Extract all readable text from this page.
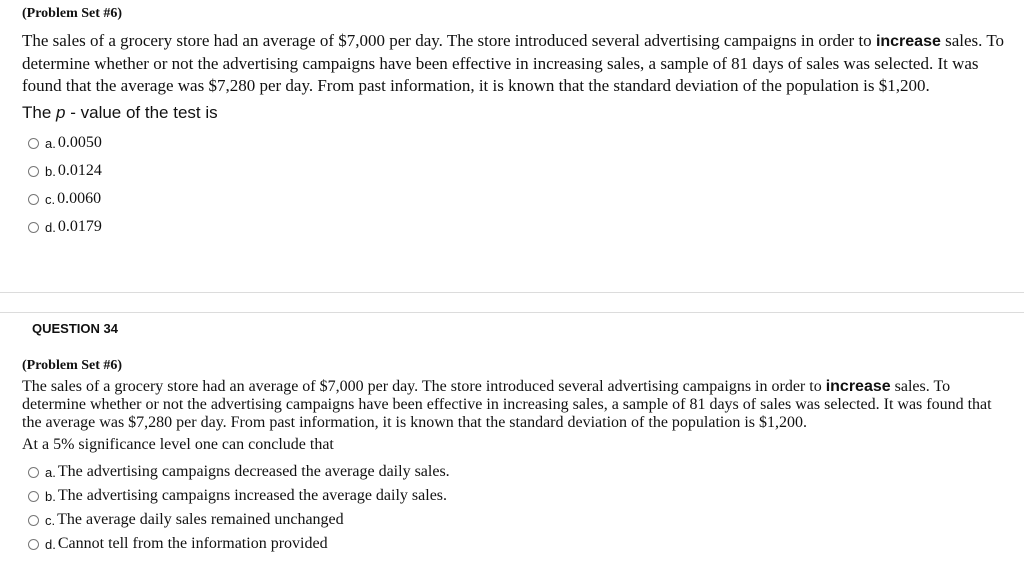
(Problem Set #6)
The sales of a grocery store had an average of $7,000 per day. The store introduced several advertising campaigns in order to increase sales. To determine whether or not the advertising campaigns have been effective in increasing sales, a sample of 81 days of sales was selected. It was found that the average was $7,280 per day. From past information, it is known that the standard deviation of the population is $1,200.
The p - value of the test is
a. 0.0050
b. 0.0124
c. 0.0060
d. 0.0179
QUESTION 34
(Problem Set #6)
The sales of a grocery store had an average of $7,000 per day. The store introduced several advertising campaigns in order to increase sales. To determine whether or not the advertising campaigns have been effective in increasing sales, a sample of 81 days of sales was selected. It was found that the average was $7,280 per day. From past information, it is known that the standard deviation of the population is $1,200.
At a 5% significance level one can conclude that
a. The advertising campaigns decreased the average daily sales.
b. The advertising campaigns increased the average daily sales.
c. The average daily sales remained unchanged
d. Cannot tell from the information provided
